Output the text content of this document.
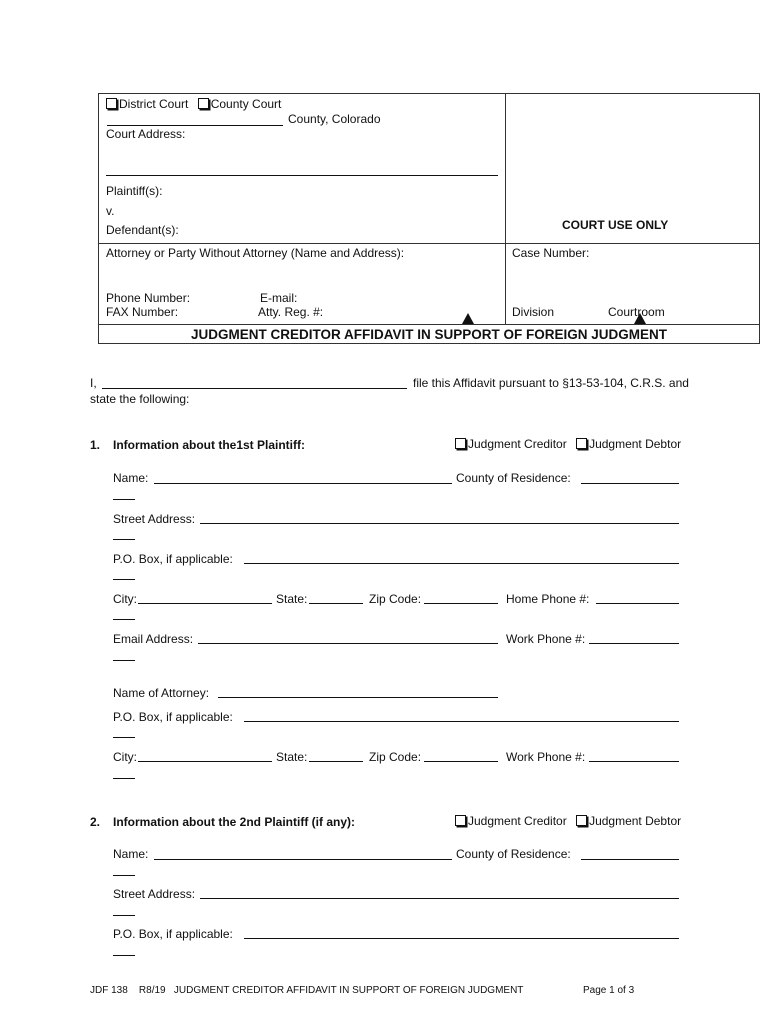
District Court County Court
County, Colorado
Court Address:
Plaintiff(s):
v.
Defendant(s):	COURT USE ONLY
Attorney or Party Without Attorney (Name and Address):	Case Number:
Phone Number:	E-mail:
FAX Number:	Atty. Reg. #:	Division	Courtroom
JUDGMENT CREDITOR AFFIDAVIT IN SUPPORT OF FOREIGN JUDGMENT
I,	file this Affidavit pursuant to §13-53-104, C.R.S. and
state the following:
1. Information about the1st Plaintiff:	Judgment Creditor Judgment Debtor
Name:	County of Residence:
Street Address:
P.O. Box, if applicable:
City:	State:	Zip Code:	Home Phone #:
Email Address:	Work Phone #:
Name of Attorney:
P.O. Box, if applicable:
City:	State:	Zip Code:	Work Phone #:
2. Information about the 2nd Plaintiff (if any):	Judgment Creditor Judgment Debtor
Name:	County of Residence:
Street Address:
P.O. Box, if applicable:
JDF 138    R8/19   JUDGMENT CREDITOR AFFIDAVIT IN SUPPORT OF FOREIGN JUDGMENT	Page 1 of 3
